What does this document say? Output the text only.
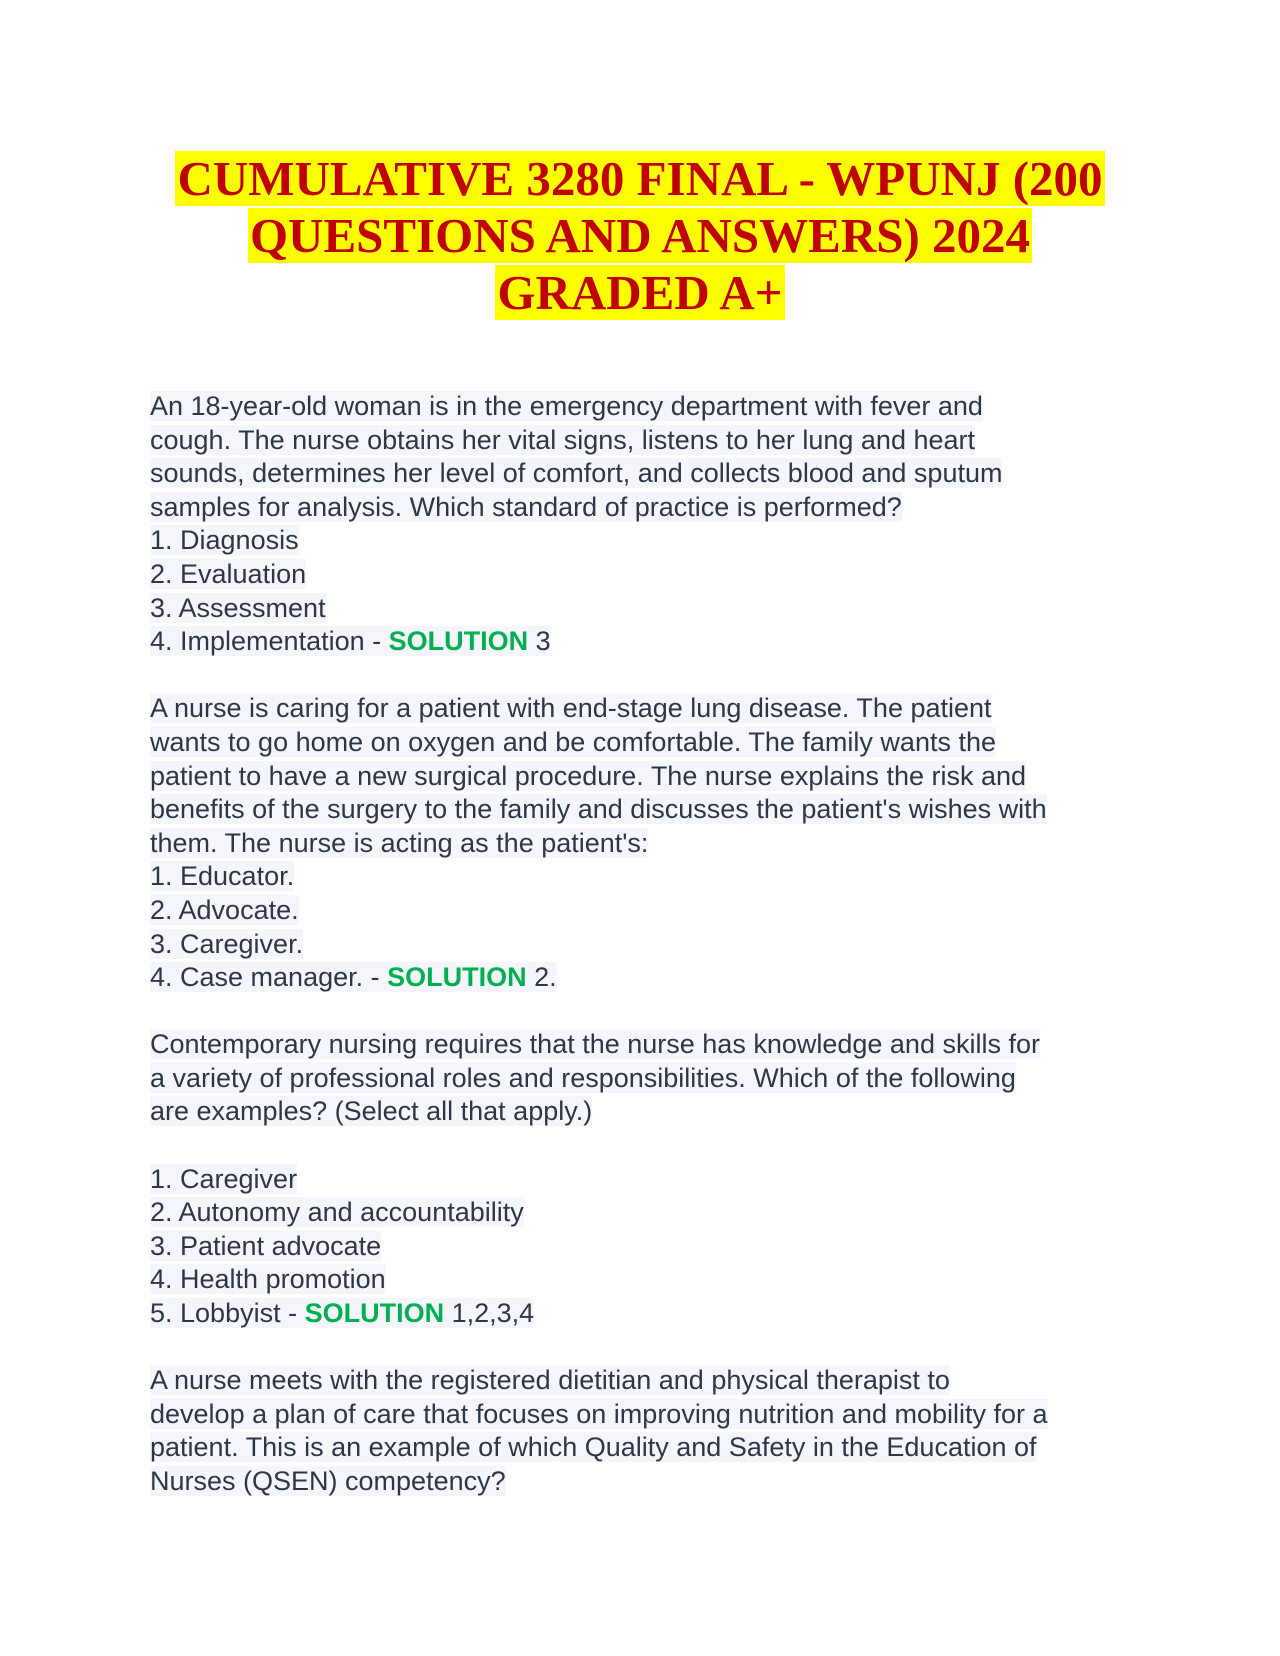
CUMULATIVE 3280 FINAL - WPUNJ (200
QUESTIONS AND ANSWERS) 2024
GRADED A+
An 18-year-old woman is in the emergency department with fever and
cough. The nurse obtains her vital signs, listens to her lung and heart
sounds, determines her level of comfort, and collects blood and sputum
samples for analysis. Which standard of practice is performed?
1. Diagnosis
2. Evaluation
3. Assessment
4. Implementation - SOLUTION 3
A nurse is caring for a patient with end-stage lung disease. The patient
wants to go home on oxygen and be comfortable. The family wants the
patient to have a new surgical procedure. The nurse explains the risk and
benefits of the surgery to the family and discusses the patient's wishes with
them. The nurse is acting as the patient's:
1. Educator.
2. Advocate.
3. Caregiver.
4. Case manager. - SOLUTION 2.
Contemporary nursing requires that the nurse has knowledge and skills for
a variety of professional roles and responsibilities. Which of the following
are examples? (Select all that apply.)
1. Caregiver
2. Autonomy and accountability
3. Patient advocate
4. Health promotion
5. Lobbyist - SOLUTION 1,2,3,4
A nurse meets with the registered dietitian and physical therapist to
develop a plan of care that focuses on improving nutrition and mobility for a
patient. This is an example of which Quality and Safety in the Education of
Nurses (QSEN) competency?
